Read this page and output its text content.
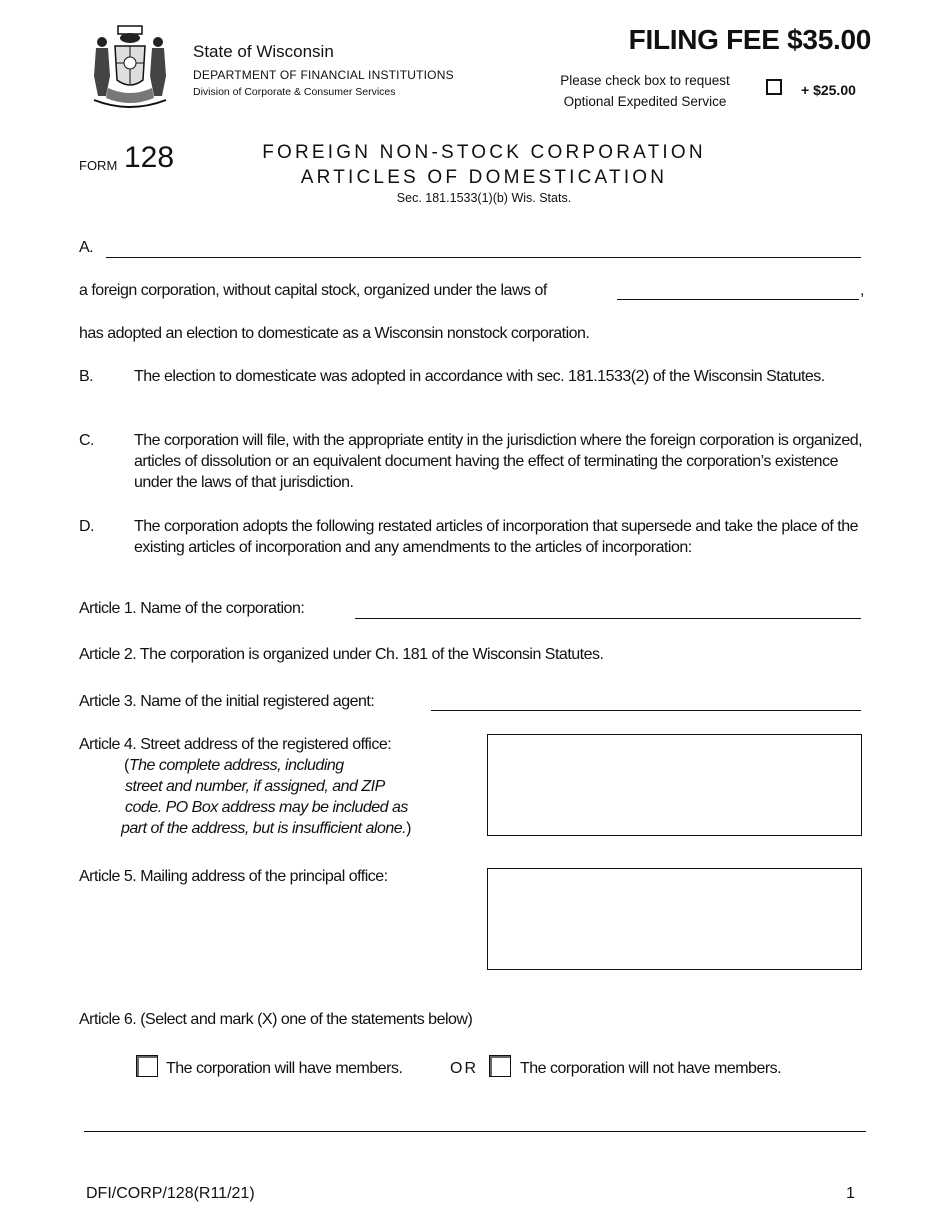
State of Wisconsin
DEPARTMENT OF FINANCIAL INSTITUTIONS
Division of Corporate & Consumer Services
FILING FEE $35.00
Please check box to request
Optional Expedited Service
+ $25.00
FORM 128	FOREIGN NON-STOCK CORPORATION
ARTICLES OF DOMESTICATION
Sec. 181.1533(1)(b) Wis. Stats.
A.
a foreign corporation, without capital stock, organized under the laws of	,
has adopted an election to domesticate as a Wisconsin nonstock corporation.
B.	The election to domesticate was adopted in accordance with sec. 181.1533(2) of the Wisconsin Statutes.
C.	The corporation will file, with the appropriate entity in the jurisdiction where the foreign corporation is organized, articles of dissolution or an equivalent document having the effect of terminating the corporation’s existence under the laws of that jurisdiction.
D.	The corporation adopts the following restated articles of incorporation that supersede and take the place of the existing articles of incorporation and any amendments to the articles of incorporation:
Article 1. Name of the corporation:
Article 2. The corporation is organized under Ch. 181 of the Wisconsin Statutes.
Article 3. Name of the initial registered agent:
Article 4. Street address of the registered office:
(The complete address, including
street and number, if assigned, and ZIP
code. PO Box address may be included as
part of the address, but is insufficient alone.)
Article 5. Mailing address of the principal office:
Article 6. (Select and mark (X) one of the statements below)
The corporation will have members.	OR	The corporation will not have members.
DFI/CORP/128(R11/21)	1
